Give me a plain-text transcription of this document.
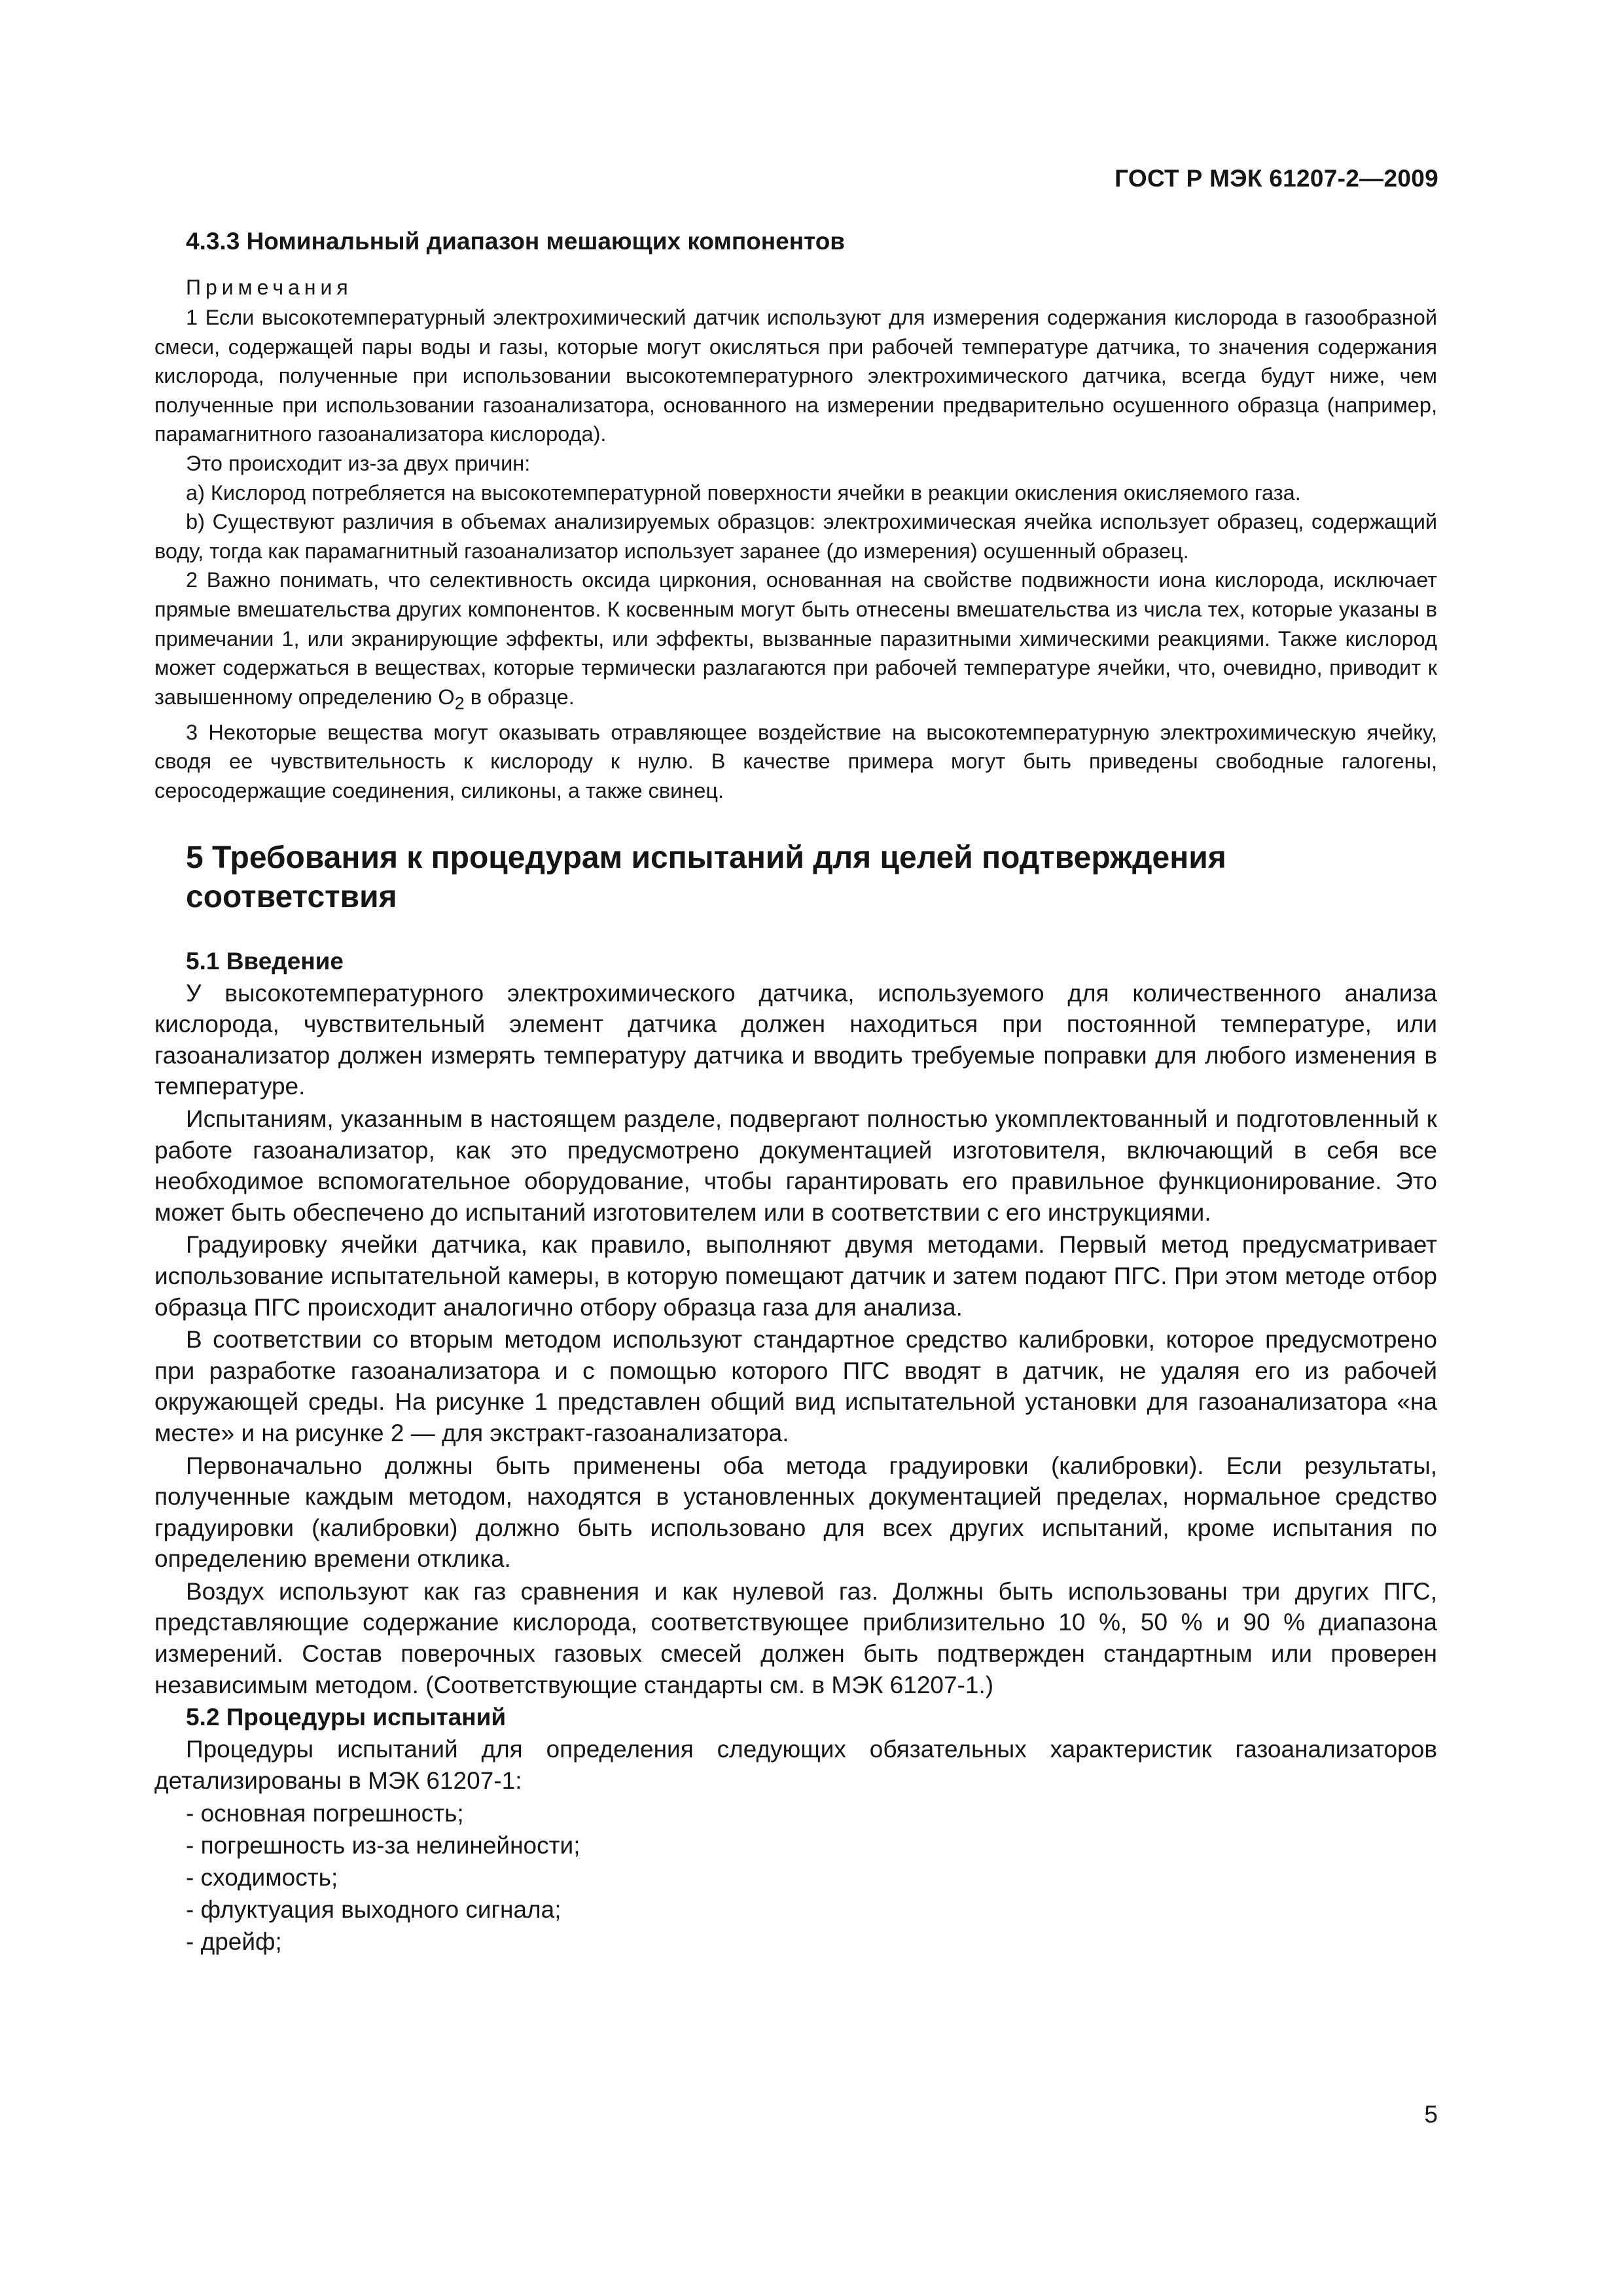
ГОСТ Р МЭК 61207-2—2009
4.3.3 Номинальный диапазон мешающих компонентов
Примечания

1 Если высокотемпературный электрохимический датчик используют для измерения содержания кислорода в газообразной смеси, содержащей пары воды и газы, которые могут окисляться при рабочей температуре датчика, то значения содержания кислорода, полученные при использовании высокотемпературного электрохимического датчика, всегда будут ниже, чем полученные при использовании газоанализатора, основанного на измерении предварительно осушенного образца (например, парамагнитного газоанализатора кислорода).

Это происходит из-за двух причин:

a) Кислород потребляется на высокотемпературной поверхности ячейки в реакции окисления окисляемого газа.

b) Существуют различия в объемах анализируемых образцов: электрохимическая ячейка использует образец, содержащий воду, тогда как парамагнитный газоанализатор использует заранее (до измерения) осушенный образец.

2 Важно понимать, что селективность оксида циркония, основанная на свойстве подвижности иона кислорода, исключает прямые вмешательства других компонентов. К косвенным могут быть отнесены вмешательства из числа тех, которые указаны в примечании 1, или экранирующие эффекты, или эффекты, вызванные паразитными химическими реакциями. Также кислород может содержаться в веществах, которые термически разлагаются при рабочей температуре ячейки, что, очевидно, приводит к завышенному определению $O_2$ в образце.

3 Некоторые вещества могут оказывать отравляющее воздействие на высокотемпературную электрохимическую ячейку, сводя ее чувствительность к кислороду к нулю. В качестве примера могут быть приведены свободные галогены, серосодержащие соединения, силиконы, а также свинец.

5 Требования к процедурам испытаний для целей подтверждения
соответствия
5.1 Введение

У высокотемпературного электрохимического датчика, используемого для количественного анализа кислорода, чувствительный элемент датчика должен находиться при постоянной температуре, или газоанализатор должен измерять температуру датчика и вводить требуемые поправки для любого изменения в температуре.

Испытаниям, указанным в настоящем разделе, подвергают полностью укомплектованный и подготовленный к работе газоанализатор, как это предусмотрено документацией изготовителя, включающий в себя все необходимое вспомогательное оборудование, чтобы гарантировать его правильное функционирование. Это может быть обеспечено до испытаний изготовителем или в соответствии с его инструкциями.

Градуировку ячейки датчика, как правило, выполняют двумя методами. Первый метод предусматривает использование испытательной камеры, в которую помещают датчик и затем подают ПГС. При этом методе отбор образца ПГС происходит аналогично отбору образца газа для анализа.

В соответствии со вторым методом используют стандартное средство калибровки, которое предусмотрено при разработке газоанализатора и с помощью которого ПГС вводят в датчик, не удаляя его из рабочей окружающей среды. На рисунке 1 представлен общий вид испытательной установки для газоанализатора «на месте» и на рисунке 2 — для экстракт-газоанализатора.

Первоначально должны быть применены оба метода градуировки (калибровки). Если результаты, полученные каждым методом, находятся в установленных документацией пределах, нормальное средство градуировки (калибровки) должно быть использовано для всех других испытаний, кроме испытания по определению времени отклика.

Воздух используют как газ сравнения и как нулевой газ. Должны быть использованы три других ПГС, представляющие содержание кислорода, соответствующее приблизительно 10 %, 50 % и 90 % диапазона измерений. Состав поверочных газовых смесей должен быть подтвержден стандартным или проверен независимым методом. (Соответствующие стандарты см. в МЭК 61207-1.)

5.2 Процедуры испытаний

Процедуры испытаний для определения следующих обязательных характеристик газоанализаторов детализированы в МЭК 61207-1:

- основная погрешность;
- погрешность из-за нелинейности;
- сходимость;
- флуктуация выходного сигнала;
- дрейф;
5
